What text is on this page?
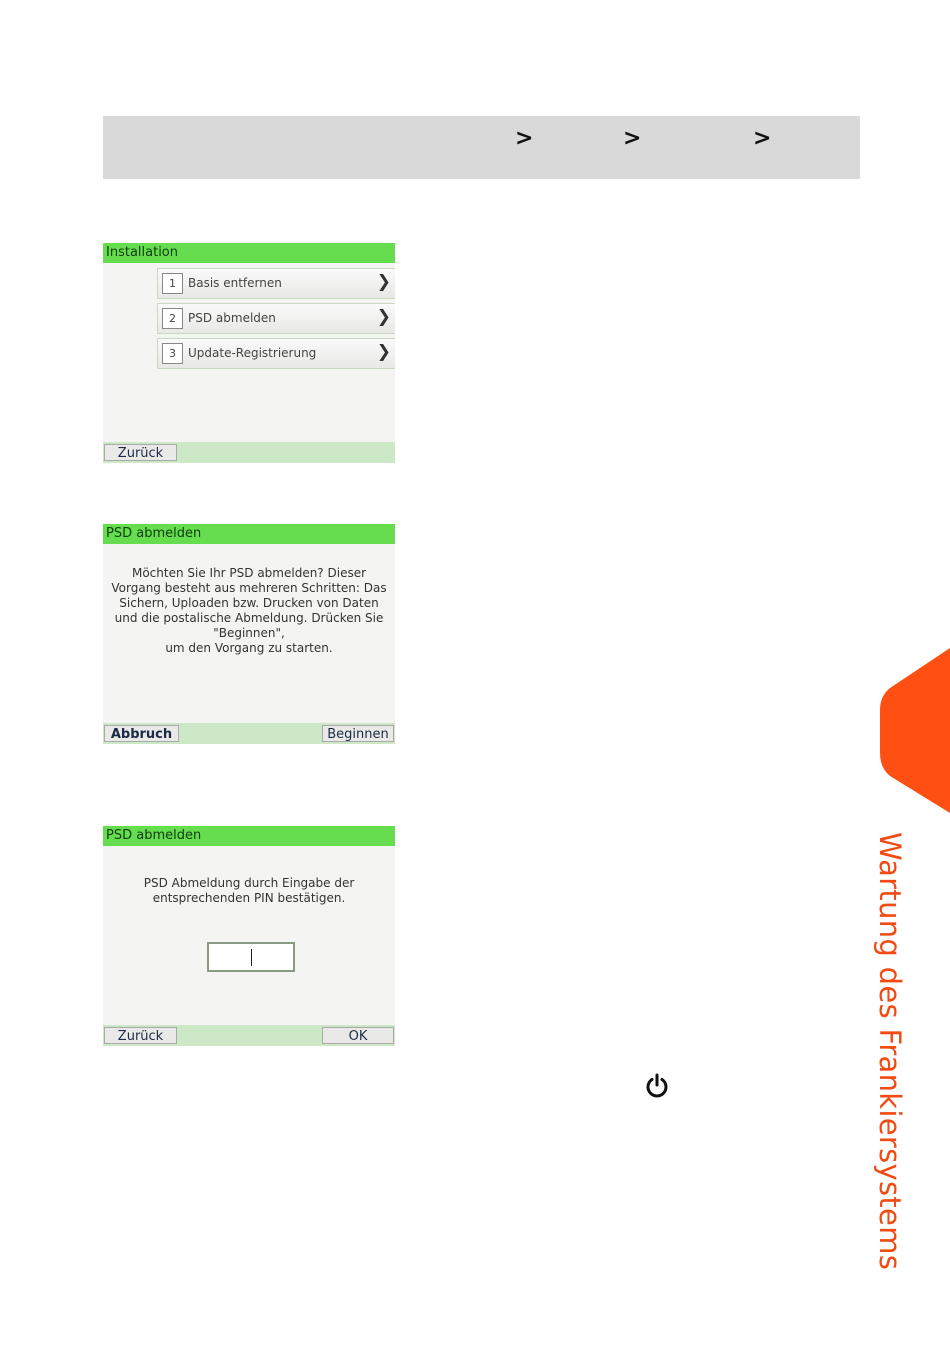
>	>	>
Installation
1	Basis entfernen	❯
2	PSD abmelden	❯
3	Update-Registrierung	❯
Zurück
PSD abmelden
Möchten Sie Ihr PSD abmelden? Dieser
Vorgang besteht aus mehreren Schritten: Das
Sichern, Uploaden bzw. Drucken von Daten
und die postalische Abmeldung. Drücken Sie
"Beginnen",
um den Vorgang zu starten.
Abbruch	Beginnen
PSD abmelden
PSD Abmeldung durch Eingabe der
entsprechenden PIN bestätigen.
Zurück	OK	Wartung des Frankiersystems
